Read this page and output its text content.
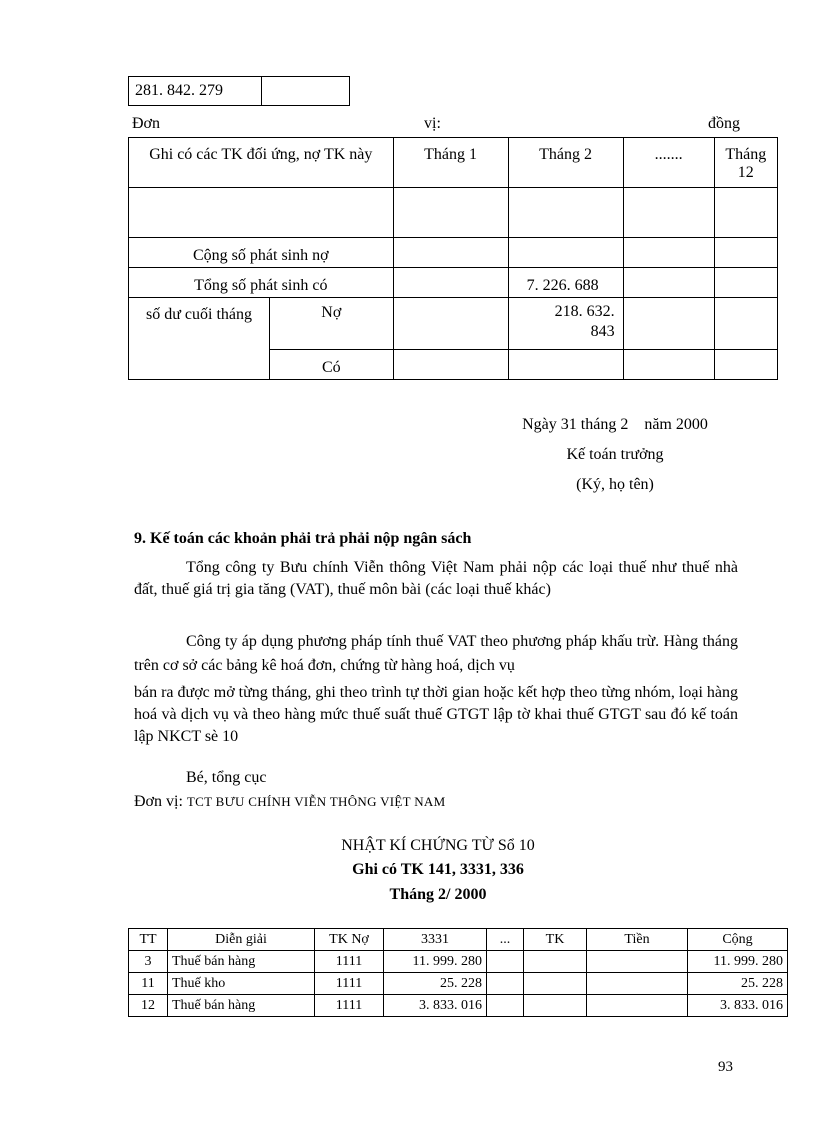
281. 842. 279	
Đơn	vị:	đồng
Ghi có các TK đối ứng, nợ TK này		Tháng 1	Tháng 2	.......	Tháng 12

Cộng số phát sinh nợ					
Tổng số phát sinh có			7. 226. 688		
số dư cuối tháng	Nợ		218. 632. 843		
	Có				
Ngày 31 tháng 2    năm 2000
Kế toán trưởng
(Ký, họ tên)
9. Kế toán các khoản phải trả phải nộp ngân sách
Tổng công ty Bưu chính Viễn thông Việt Nam phải nộp các loại thuế như thuế nhà đất, thuế giá trị gia tăng (VAT), thuế môn bài (các loại thuế khác)
Công ty áp dụng phương pháp tính thuế VAT theo phương pháp khấu trừ. Hàng tháng trên cơ sở các bảng kê hoá đơn, chứng từ hàng hoá, dịch vụ
bán ra được mở từng tháng, ghi theo trình tự thời gian hoặc kết hợp theo từng nhóm, loại hàng hoá và dịch vụ và theo hàng mức thuế suất thuế GTGT lập tờ khai thuế GTGT sau đó kế toán lập NKCT sè 10
Bé, tổng cục
Đơn vị: TCT BƯU CHÍNH VIỄN THÔNG VIỆT NAM
NHẬT KÍ CHỨNG TỪ Sổ 10
Ghi có TK 141, 3331, 336
Tháng 2/ 2000
TT	Diễn giải	TK Nợ	3331	...	TK	Tiền	Cộng
3	Thuế bán hàng	1111	11. 999. 280				11. 999. 280
11	Thuế kho	1111	25. 228				25. 228
12	Thuế bán hàng	1111	3. 833. 016				3. 833. 016
93
